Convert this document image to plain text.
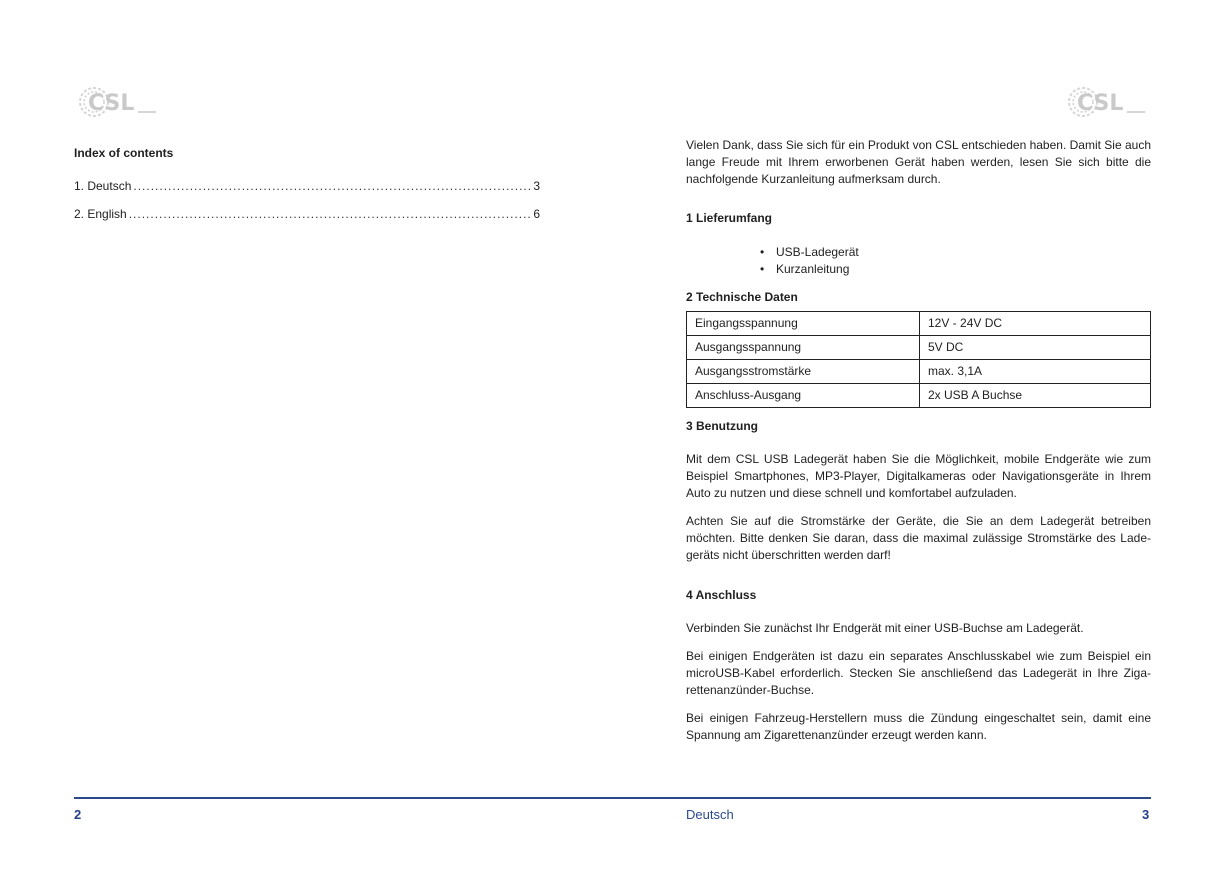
CSL	CSL
Index of contents
1. Deutsch .....	3
2. English .....	6
Vielen Dank, dass Sie sich für ein Produkt von CSL entschieden haben. Damit Sie auch lange Freude mit Ihrem erworbenen Gerät haben werden, lesen Sie sich bitte die nachfolgende Kurzanleitung aufmerksam durch.
1 Lieferumfang
• USB-Ladegerät
• Kurzanleitung
2 Technische Daten
Eingangsspannung	12V - 24V DC
Ausgangsspannung	5V DC
Ausgangsstromstärke	max. 3,1A
Anschluss-Ausgang	2x USB A Buchse
3 Benutzung
Mit dem CSL USB Ladegerät haben Sie die Möglichkeit, mobile Endgeräte wie zum Beispiel Smartphones, MP3-Player, Digitalkameras oder Navigationsgeräte in Ihrem Auto zu nutzen und diese schnell und komfortabel aufzuladen.
Achten Sie auf die Stromstärke der Geräte, die Sie an dem Ladegerät betreiben möchten. Bitte denken Sie daran, dass die maximal zulässige Stromstärke des Lade-geräts nicht überschritten werden darf!
4 Anschluss
Verbinden Sie zunächst Ihr Endgerät mit einer USB-Buchse am Ladegerät.
Bei einigen Endgeräten ist dazu ein separates Anschlusskabel wie zum Beispiel ein microUSB-Kabel erforderlich. Stecken Sie anschließend das Ladegerät in Ihre Ziga-rettenanzünder-Buchse.
Bei einigen Fahrzeug-Herstellern muss die Zündung eingeschaltet sein, damit eine Spannung am Zigarettenanzünder erzeugt werden kann.
2	Deutsch	3
